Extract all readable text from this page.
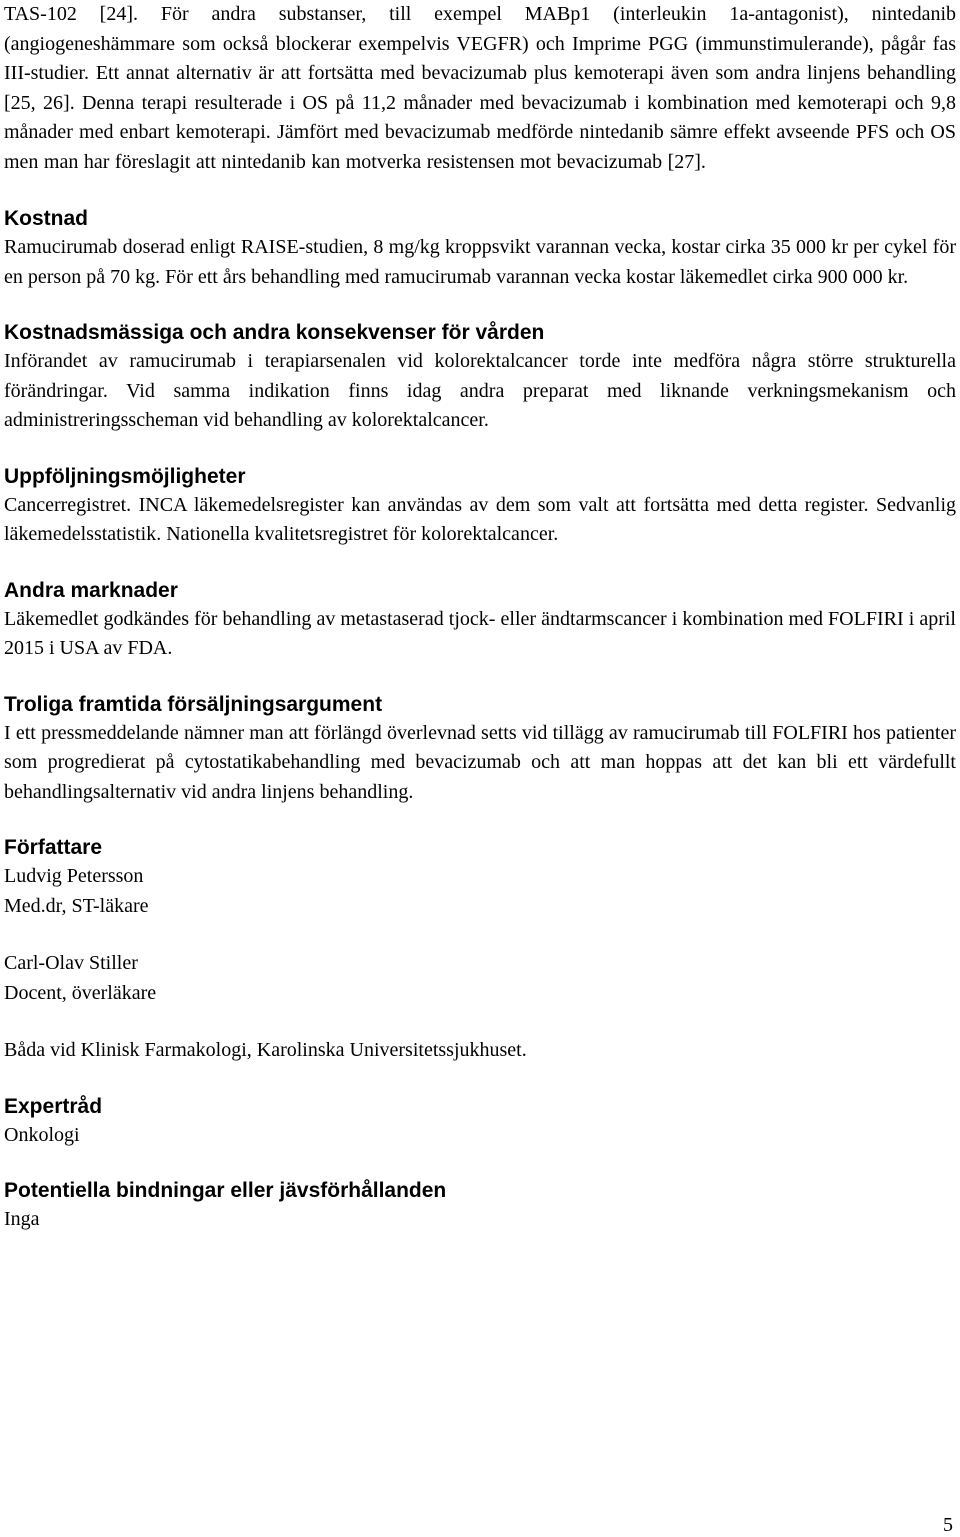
TAS-102 [24]. För andra substanser, till exempel MABp1 (interleukin 1a-antagonist), nintedanib (angiogeneshämmare som också blockerar exempelvis VEGFR) och Imprime PGG (immunstimulerande), pågår fas III-studier. Ett annat alternativ är att fortsätta med bevacizumab plus kemoterapi även som andra linjens behandling [25, 26]. Denna terapi resulterade i OS på 11,2 månader med bevacizumab i kombination med kemoterapi och 9,8 månader med enbart kemoterapi. Jämfört med bevacizumab medförde nintedanib sämre effekt avseende PFS och OS men man har föreslagit att nintedanib kan motverka resistensen mot bevacizumab [27].

Kostnad

Ramucirumab doserad enligt RAISE-studien, 8 mg/kg kroppsvikt varannan vecka, kostar cirka 35 000 kr per cykel för en person på 70 kg. För ett års behandling med ramucirumab varannan vecka kostar läkemedlet cirka 900 000 kr.

Kostnadsmässiga och andra konsekvenser för vården

Införandet av ramucirumab i terapiarsenalen vid kolorektalcancer torde inte medföra några större strukturella förändringar. Vid samma indikation finns idag andra preparat med liknande verkningsmekanism och administreringsscheman vid behandling av kolorektalcancer.

Uppföljningsmöjligheter

Cancerregistret. INCA läkemedelsregister kan användas av dem som valt att fortsätta med detta register. Sedvanlig läkemedelsstatistik. Nationella kvalitetsregistret för kolorektalcancer.

Andra marknader

Läkemedlet godkändes för behandling av metastaserad tjock- eller ändtarmscancer i kombination med FOLFIRI i april 2015 i USA av FDA.

Troliga framtida försäljningsargument

I ett pressmeddelande nämner man att förlängd överlevnad setts vid tillägg av ramucirumab till FOLFIRI hos patienter som progredierat på cytostatikabehandling med bevacizumab och att man hoppas att det kan bli ett värdefullt behandlingsalternativ vid andra linjens behandling.

Författare

Ludvig Petersson

Med.dr, ST-läkare

Carl-Olav Stiller

Docent, överläkare

Båda vid Klinisk Farmakologi, Karolinska Universitetssjukhuset.

Expertråd

Onkologi

Potentiella bindningar eller jävsförhållanden

Inga

5
